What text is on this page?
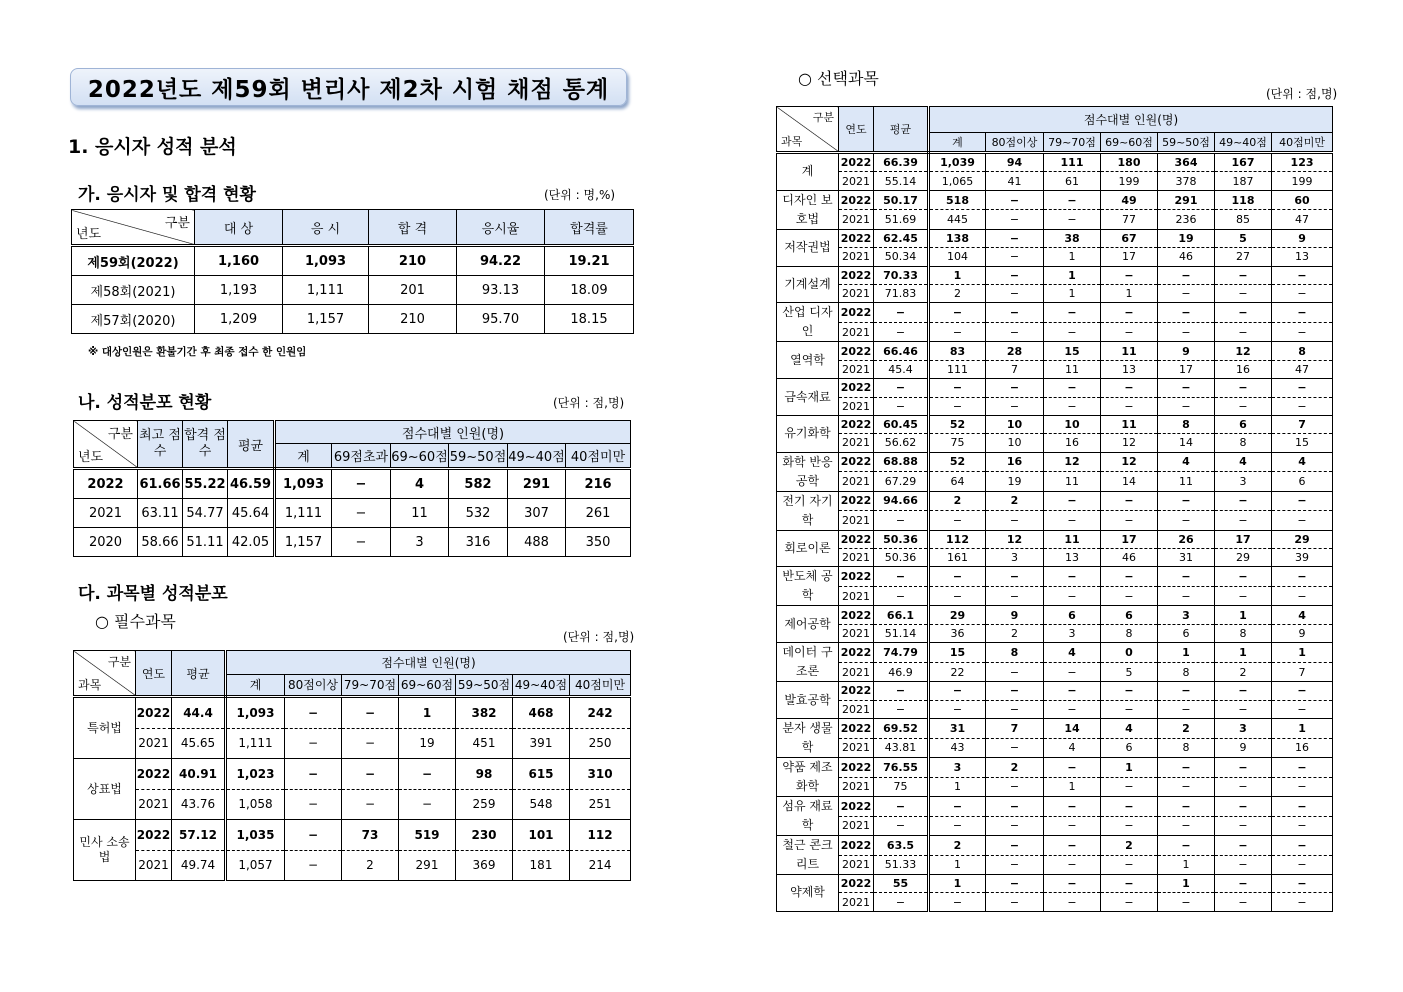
2022년도 제59회 변리사 제2차 시험 채점 통계
1. 응시자 성적 분석
가. 응시자 및 합격 현황	(단위 : 명,%)
구분
년도	대 상	응 시	합 격	응시율	합격률
제59회(2022)	1,160	1,093	210	94.22	19.21
제58회(2021)	1,193	1,111	201	93.13	18.09
제57회(2020)	1,209	1,157	210	95.70	18.15
※ 대상인원은 환불기간 후 최종 접수 한 인원임
나. 성적분포 현황	(단위 : 점,명)
구분
년도	최고 점수	합격 점수	평균	점수대별 인원(명)					
				계	69점초과	69~60점	59~50점	49~40점	40점미만
2022	61.66	55.22	46.59	1,093	−	4	582	291	216
2021	63.11	54.77	45.64	1,111	−	11	532	307	261
2020	58.66	51.11	42.05	1,157	−	3	316	488	350
다. 과목별 성적분포
○ 필수과목
(단위 : 점,명)
구분
과목	연도	평균	점수대별 인원(명)						
			계	80점이상	79~70점	69~60점	59~50점	49~40점	40점미만
특허법	2022	44.4	1,093	−	−	1	382	468	242
	2021	45.65	1,111	−	−	19	451	391	250
상표법	2022	40.91	1,023	−	−	−	98	615	310
	2021	43.76	1,058	−	−	−	259	548	251
민사 소송법	2022	57.12	1,035	−	73	519	230	101	112
	2021	49.74	1,057	−	2	291	369	181	214
○ 선택과목
(단위 : 점,명)
구분
과목	연도	평균	점수대별 인원(명)						
			계	80점이상	79~70점	69~60점	59~50점	49~40점	40점미만
계	2022	66.39	1,039	94	111	180	364	167	123
	2021	55.14	1,065	41	61	199	378	187	199
디자인 보호법	2022	50.17	518	−	−	49	291	118	60
	2021	51.69	445	−	−	77	236	85	47
저작권법	2022	62.45	138	−	38	67	19	5	9
	2021	50.34	104	−	1	17	46	27	13
기계설계	2022	70.33	1	−	1	−	−	−	−
	2021	71.83	2	−	1	1	−	−	−
산업 디자인	2022	−	−	−	−	−	−	−	−
	2021	−	−	−	−	−	−	−	−
열역학	2022	66.46	83	28	15	11	9	12	8
	2021	45.4	111	7	11	13	17	16	47
금속재료	2022	−	−	−	−	−	−	−	−
	2021	−	−	−	−	−	−	−	−
유기화학	2022	60.45	52	10	10	11	8	6	7
	2021	56.62	75	10	16	12	14	8	15
화학 반응공학	2022	68.88	52	16	12	12	4	4	4
	2021	67.29	64	19	11	14	11	3	6
전기 자기학	2022	94.66	2	2	−	−	−	−	−
	2021	−	−	−	−	−	−	−	−
회로이론	2022	50.36	112	12	11	17	26	17	29
	2021	50.36	161	3	13	46	31	29	39
반도체 공학	2022	−	−	−	−	−	−	−	−
	2021	−	−	−	−	−	−	−	−
제어공학	2022	66.1	29	9	6	6	3	1	4
	2021	51.14	36	2	3	8	6	8	9
데이터 구조론	2022	74.79	15	8	4	0	1	1	1
	2021	46.9	22	−	−	5	8	2	7
발효공학	2022	−	−	−	−	−	−	−	−
	2021	−	−	−	−	−	−	−	−
분자 생물학	2022	69.52	31	7	14	4	2	3	1
	2021	43.81	43	−	4	6	8	9	16
약품 제조화학	2022	76.55	3	2	−	1	−	−	−
	2021	75	1	−	1	−	−	−	−
섬유 재료학	2022	−	−	−	−	−	−	−	−
	2021	−	−	−	−	−	−	−	−
철근 콘크리트	2022	63.5	2	−	−	2	−	−	−
	2021	51.33	1	−	−	−	1	−	−
약제학	2022	55	1	−	−	−	1	−	−
	2021	−	−	−	−	−	−	−	−
